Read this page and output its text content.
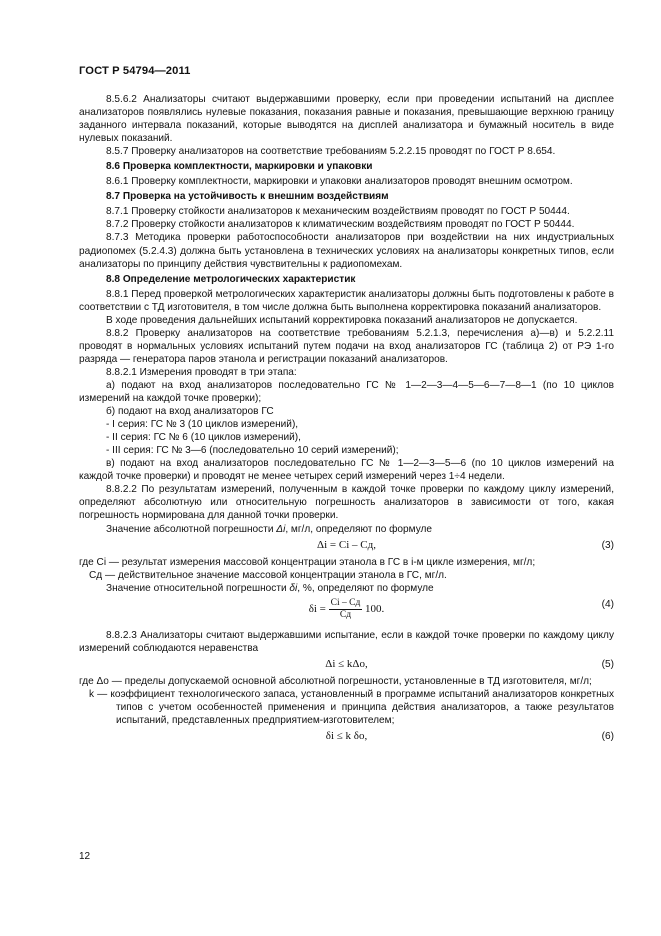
ГОСТ Р 54794—2011

8.5.6.2 Анализаторы считают выдержавшими проверку, если при проведении испытаний на дисплее анализаторов появлялись нулевые показания, показания равные и показания, превышающие верхнюю границу заданного интервала показаний, которые выводятся на дисплей анализатора и бумажный носитель в виде нулевых показаний.

8.5.7 Проверку анализаторов на соответствие требованиям 5.2.2.15 проводят по ГОСТ Р 8.654.

8.6 Проверка комплектности, маркировки и упаковки

8.6.1 Проверку комплектности, маркировки и упаковки анализаторов проводят внешним осмотром.

8.7 Проверка на устойчивость к внешним воздействиям

8.7.1 Проверку стойкости анализаторов к механическим воздействиям проводят по ГОСТ Р 50444.

8.7.2 Проверку стойкости анализаторов к климатическим воздействиям проводят по ГОСТ Р 50444.

8.7.3 Методика проверки работоспособности анализаторов при воздействии на них индустриальных радиопомех (5.2.4.3) должна быть установлена в технических условиях на анализаторы конкретных типов, если анализаторы по принципу действия чувствительны к радиопомехам.

8.8 Определение метрологических характеристик

8.8.1 Перед проверкой метрологических характеристик анализаторы должны быть подготовлены к работе в соответствии с ТД изготовителя, в том числе должна быть выполнена корректировка показаний анализаторов.

В ходе проведения дальнейших испытаний корректировка показаний анализаторов не допускается.

8.8.2 Проверку анализаторов на соответствие требованиям 5.2.1.3, перечисления а)—в) и 5.2.2.11 проводят в нормальных условиях испытаний путем подачи на вход анализаторов ГС (таблица 2) от РЭ 1-го разряда — генератора паров этанола и регистрации показаний анализаторов.

8.8.2.1 Измерения проводят в три этапа:

а) подают на вход анализаторов последовательно ГС № 1—2—3—4—5—6—7—8—1 (по 10 циклов измерений на каждой точке проверки);

б) подают на вход анализаторов ГС

- I серия: ГС № 3 (10 циклов измерений),

- II серия: ГС № 6 (10 циклов измерений),

- III серия: ГС № 3—6 (последовательно 10 серий измерений);

в) подают на вход анализаторов последовательно ГС № 1—2—3—5—6 (по 10 циклов измерений на каждой точке проверки) и проводят не менее четырех серий измерений через 1÷4 недели.

8.8.2.2 По результатам измерений, полученным в каждой точке проверки по каждому циклу измерений, определяют абсолютную или относительную погрешность анализаторов в зависимости от того, какая погрешность нормирована для данной точки проверки.

Значение абсолютной погрешности Δi, мг/л, определяют по формуле

Δi = Ci – Cд,	(3)

где Ci — результат измерения массовой концентрации этанола в ГС в i-м цикле измерения, мг/л;

Cд — действительное значение массовой концентрации этанола в ГС, мг/л.

Значение относительной погрешности δi, %, определяют по формуле

$\delta i = \frac{Ci - Cд}{Cд} 100$.	(4)

8.8.2.3 Анализаторы считают выдержавшими испытание, если в каждой точке проверки по каждому циклу измерений соблюдаются неравенства

Δi ≤ kΔо,	(5)

где Δо — пределы допускаемой основной абсолютной погрешности, установленные в ТД изготовителя, мг/л;

k — коэффициент технологического запаса, установленный в программе испытаний анализаторов конкретных типов с учетом особенностей применения и принципа действия анализаторов, а также результатов испытаний, представленных предприятием-изготовителем;

δi ≤ k δо,	(6)
12
